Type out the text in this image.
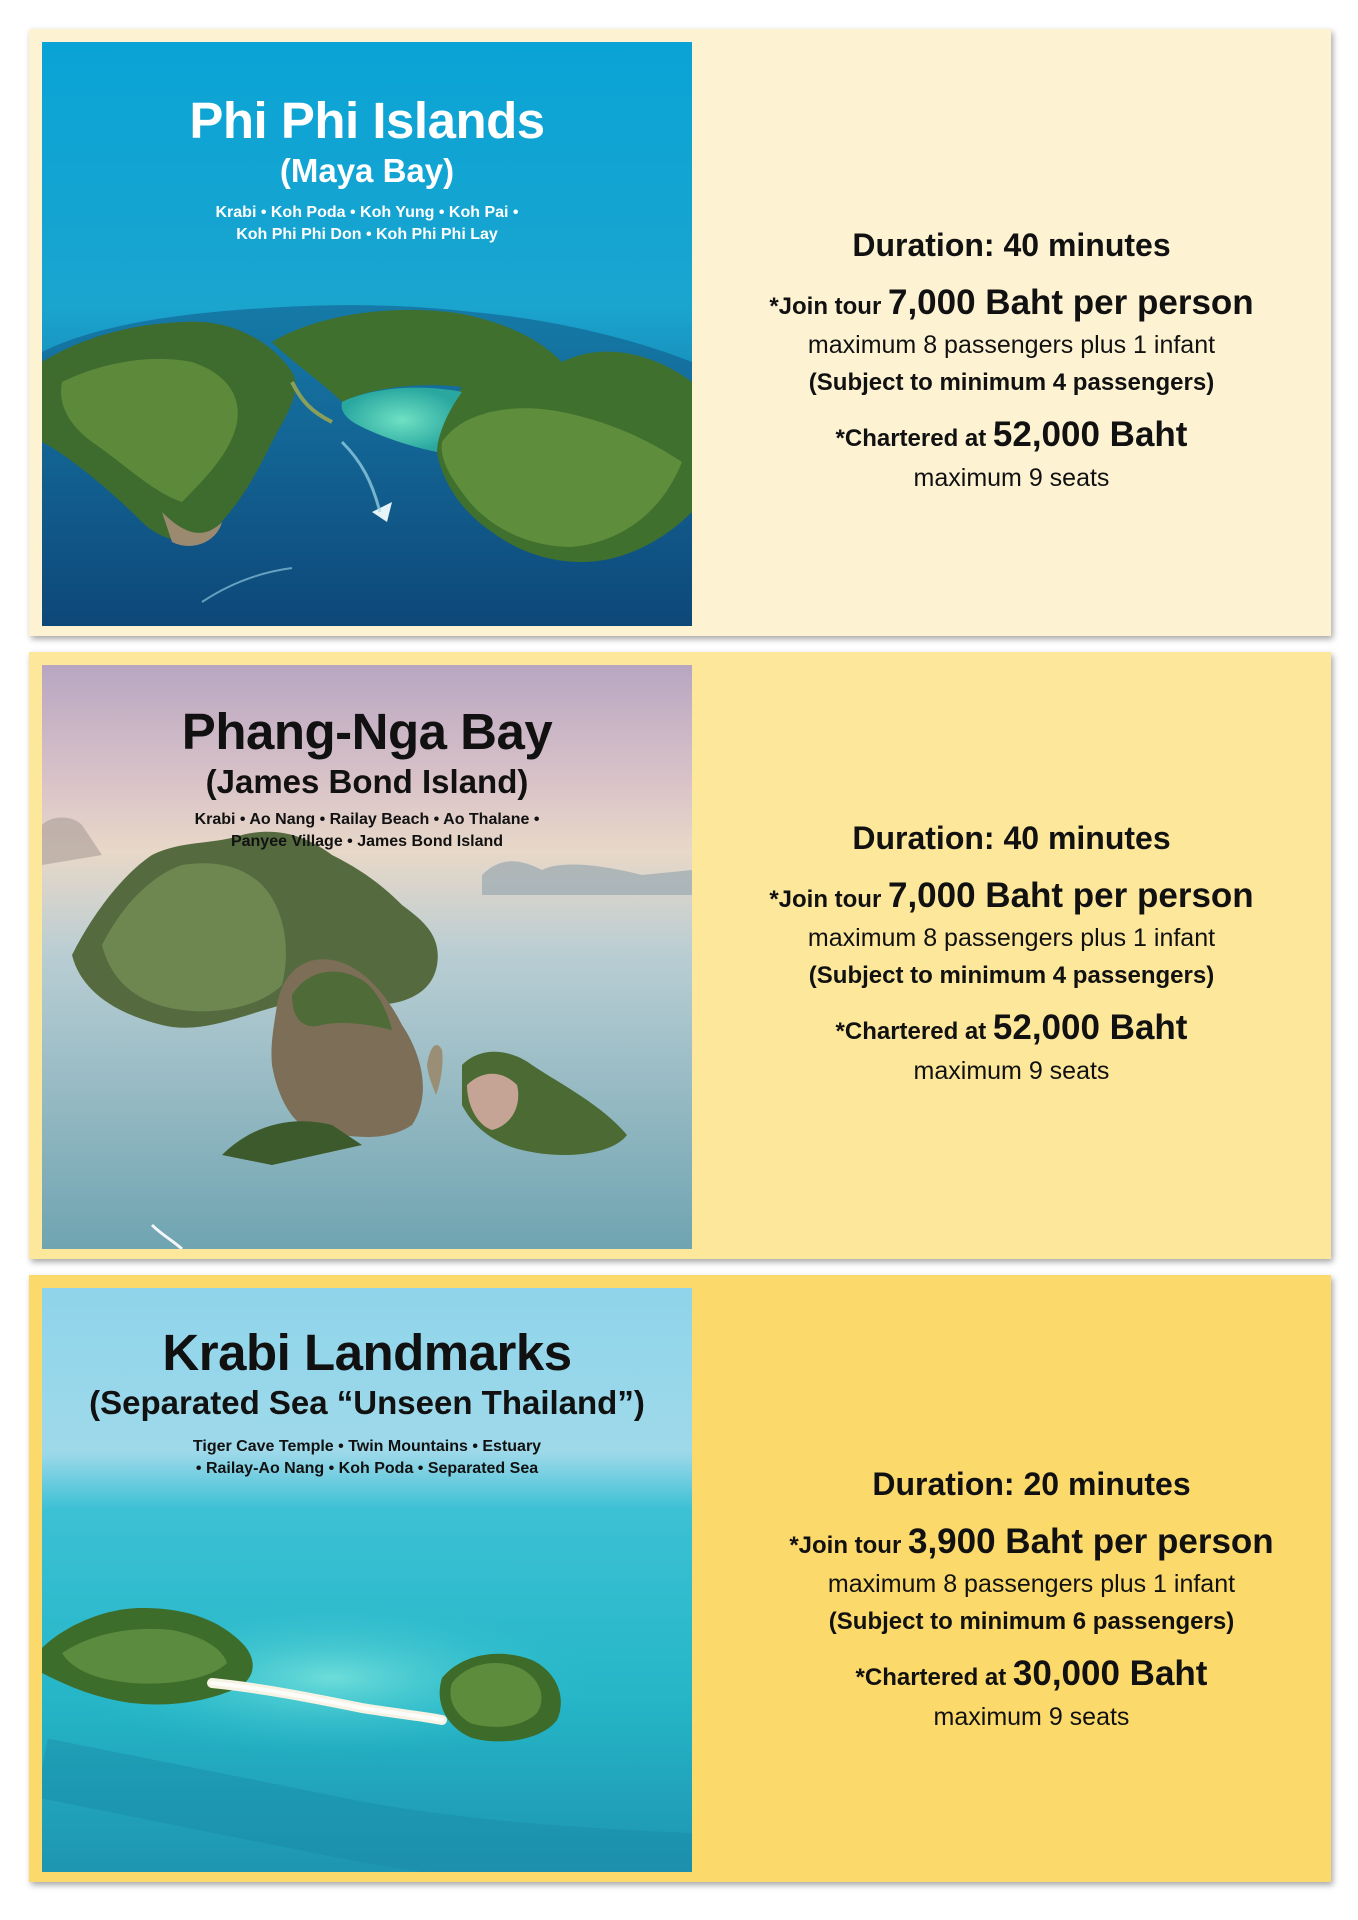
Phi Phi Islands
(Maya Bay)
Krabi • Koh Poda • Koh Yung • Koh Pai •
Koh Phi Phi Don • Koh Phi Phi Lay	Duration: 40 minutes
*Join tour 7,000 Baht per person
maximum 8 passengers plus 1 infant
(Subject to minimum 4 passengers)
*Chartered at 52,000 Baht
maximum 9 seats
Phang-Nga Bay
(James Bond Island)
Krabi • Ao Nang • Railay Beach • Ao Thalane •
Panyee Village • James Bond Island	Duration: 40 minutes
*Join tour 7,000 Baht per person
maximum 8 passengers plus 1 infant
(Subject to minimum 4 passengers)
*Chartered at 52,000 Baht
maximum 9 seats
Krabi Landmarks
(Separated Sea “Unseen Thailand”)
Tiger Cave Temple • Twin Mountains • Estuary
• Railay-Ao Nang • Koh Poda • Separated Sea	Duration: 20 minutes
*Join tour 3,900 Baht per person
maximum 8 passengers plus 1 infant
(Subject to minimum 6 passengers)
*Chartered at 30,000 Baht
maximum 9 seats
